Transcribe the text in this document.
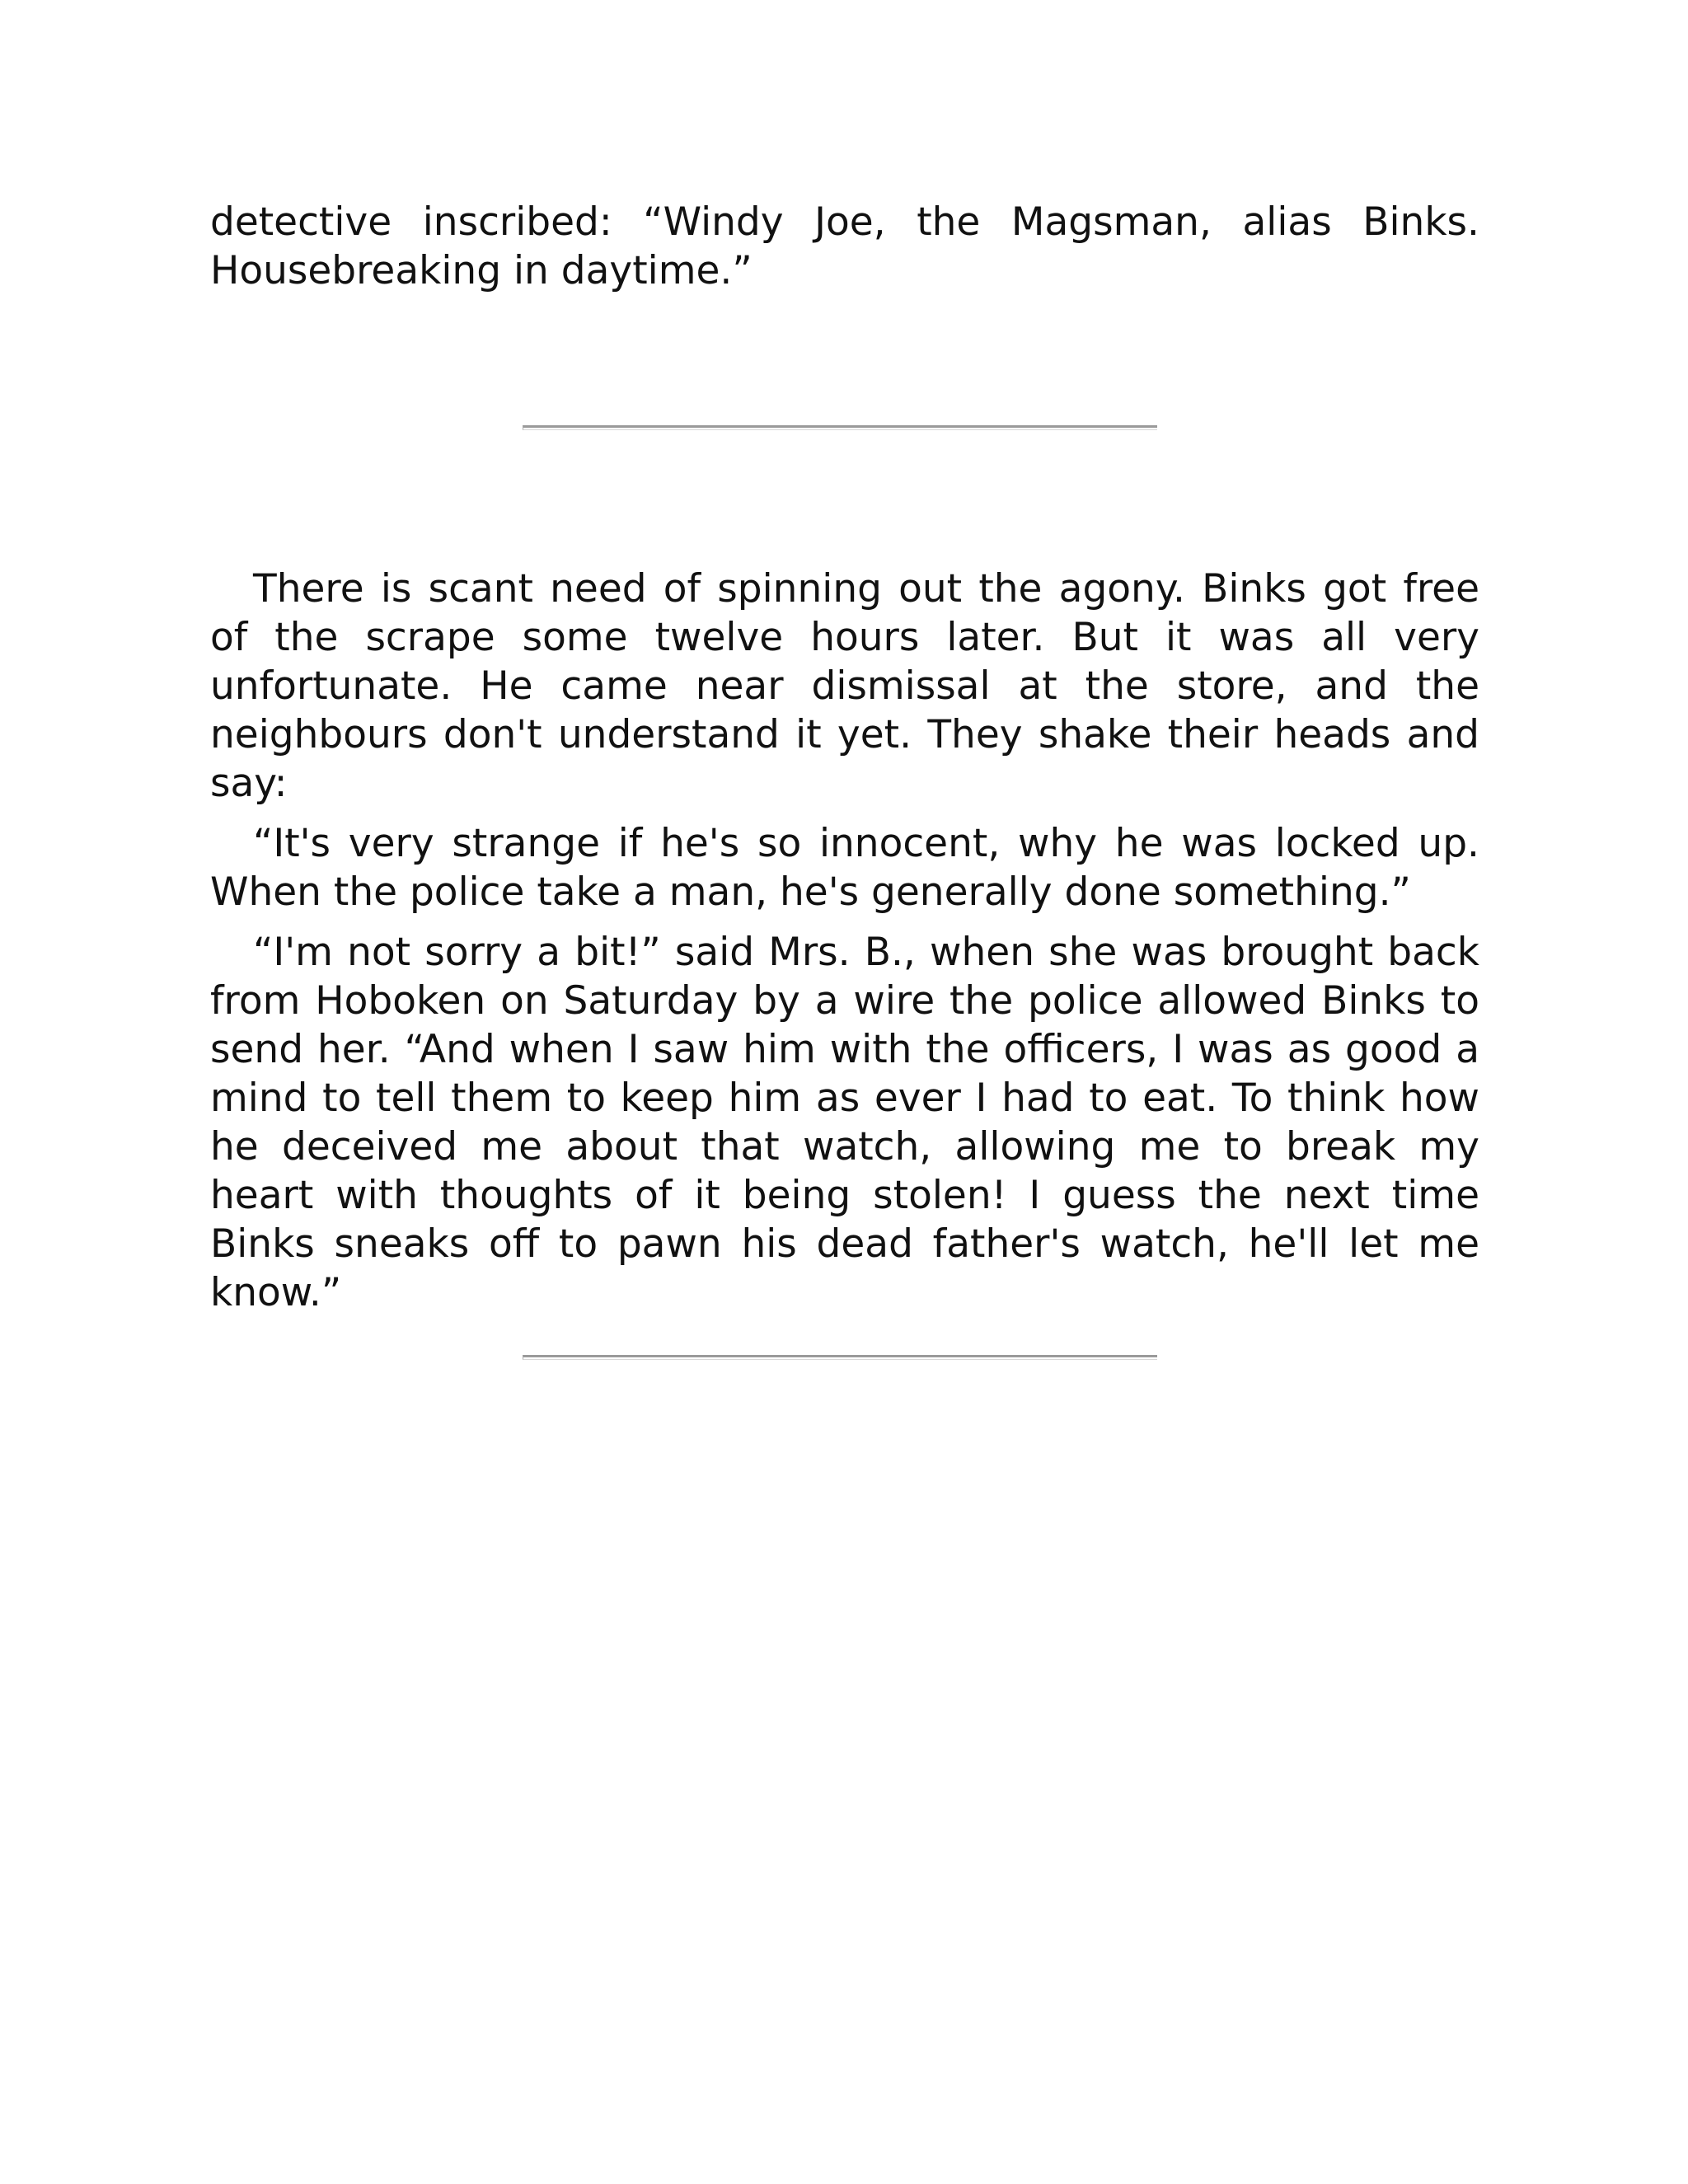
detective inscribed: “Windy Joe, the Magsman, alias Binks. Housebreaking in daytime.”

There is scant need of spinning out the agony. Binks got free of the scrape some twelve hours later. But it was all very unfortunate. He came near dismissal at the store, and the neighbours don't understand it yet. They shake their heads and say:

“It's very strange if he's so innocent, why he was locked up. When the police take a man, he's generally done something.”

“I'm not sorry a bit!” said Mrs. B., when she was brought back from Hoboken on Saturday by a wire the police allowed Binks to send her. “And when I saw him with the officers, I was as good a mind to tell them to keep him as ever I had to eat. To think how he deceived me about that watch, allowing me to break my heart with thoughts of it being stolen! I guess the next time Binks sneaks off to pawn his dead father's watch, he'll let me know.”
